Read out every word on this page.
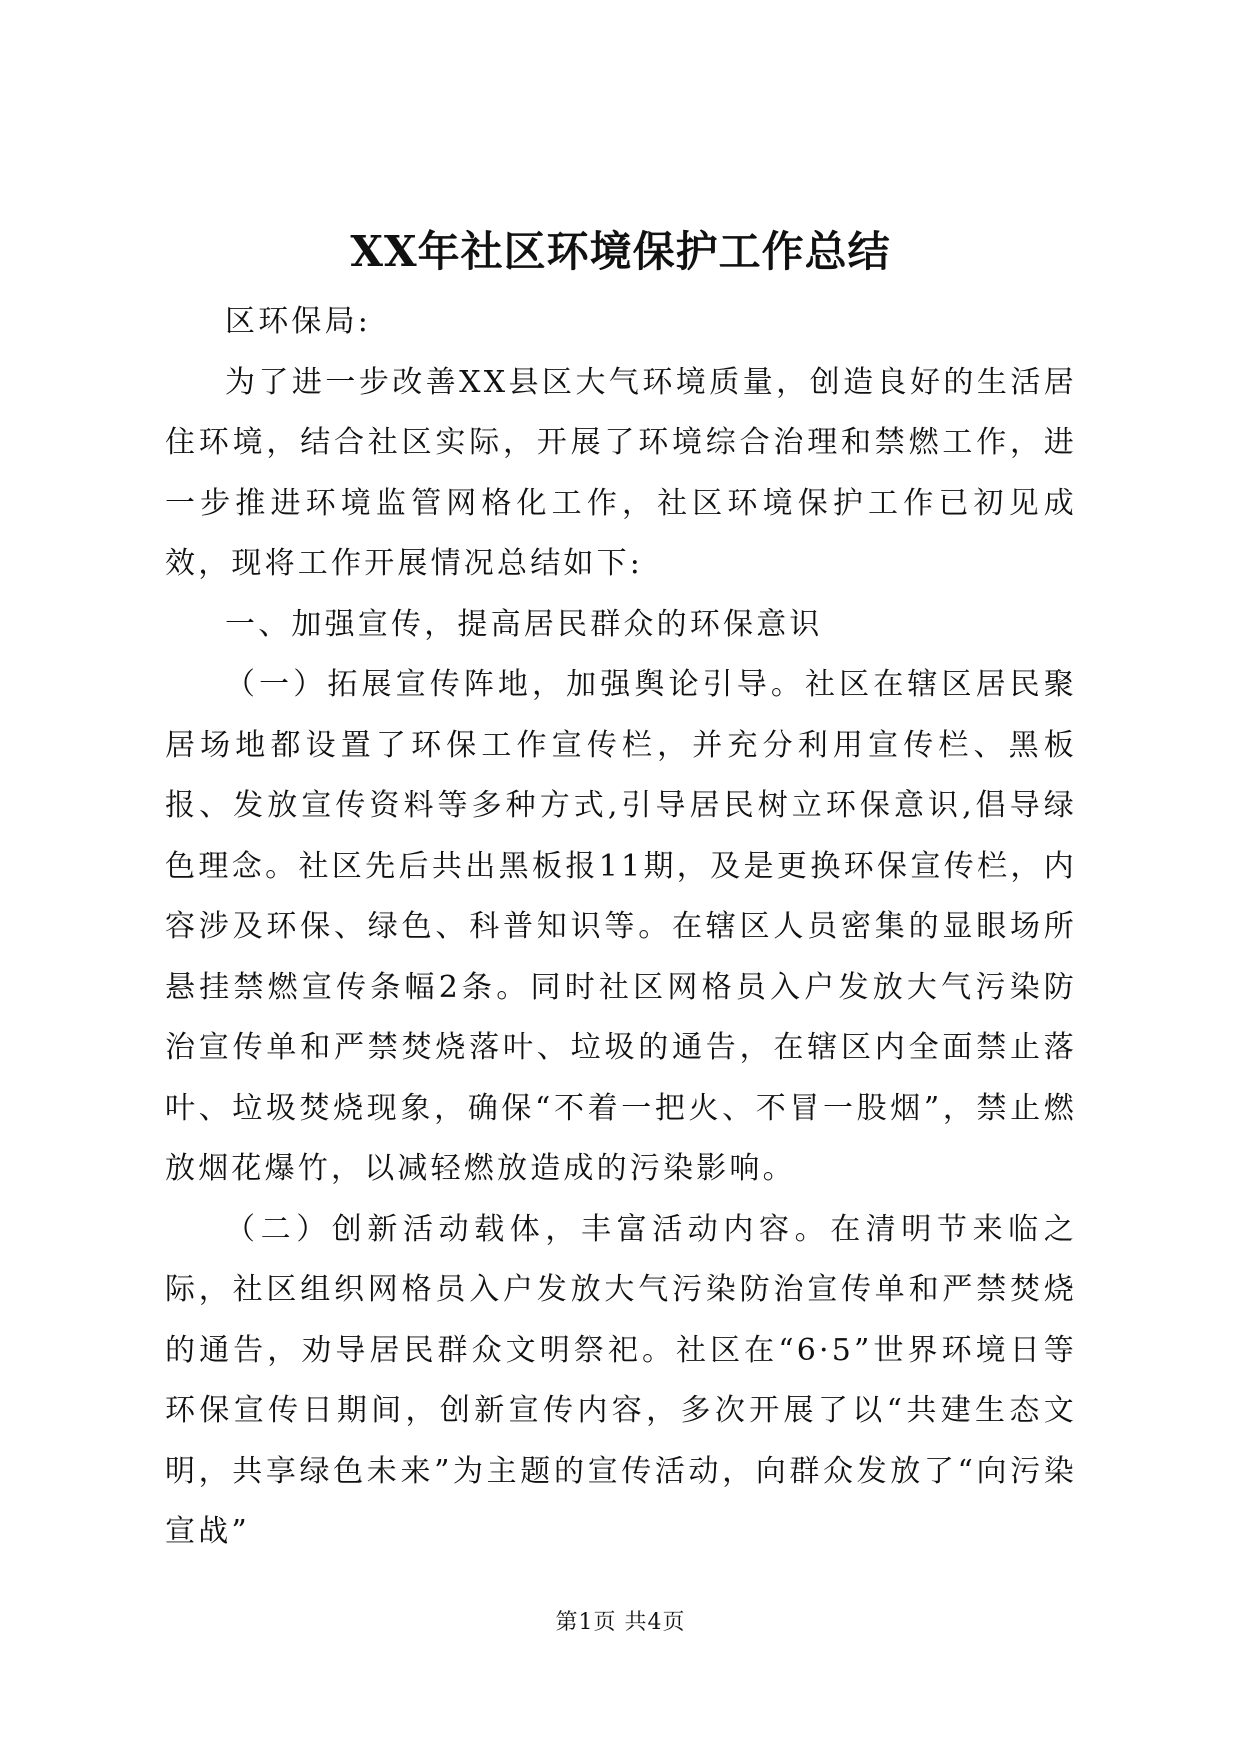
XX年社区环境保护工作总结

区环保局:

为了进一步改善XX县区大气环境质量，创造良好的生活居住环境，结合社区实际，开展了环境综合治理和禁燃工作，进一步推进环境监管网格化工作，社区环境保护工作已初见成效，现将工作开展情况总结如下:

一、加强宣传，提高居民群众的环保意识

（一）拓展宣传阵地，加强舆论引导。社区在辖区居民聚居场地都设置了环保工作宣传栏，并充分利用宣传栏、黑板报、发放宣传资料等多种方式,引导居民树立环保意识,倡导绿色理念。社区先后共出黑板报11期，及是更换环保宣传栏，内容涉及环保、绿色、科普知识等。在辖区人员密集的显眼场所悬挂禁燃宣传条幅2条。同时社区网格员入户发放大气污染防治宣传单和严禁焚烧落叶、垃圾的通告，在辖区内全面禁止落叶、垃圾焚烧现象，确保“不着一把火、不冒一股烟”，禁止燃放烟花爆竹，以减轻燃放造成的污染影响。

（二）创新活动载体，丰富活动内容。在清明节来临之际，社区组织网格员入户发放大气污染防治宣传单和严禁焚烧的通告，劝导居民群众文明祭祀。社区在“6·5”世界环境日等环保宣传日期间，创新宣传内容，多次开展了以“共建生态文明，共享绿色未来”为主题的宣传活动，向群众发放了“向污染宣战”

第1页 共4页
